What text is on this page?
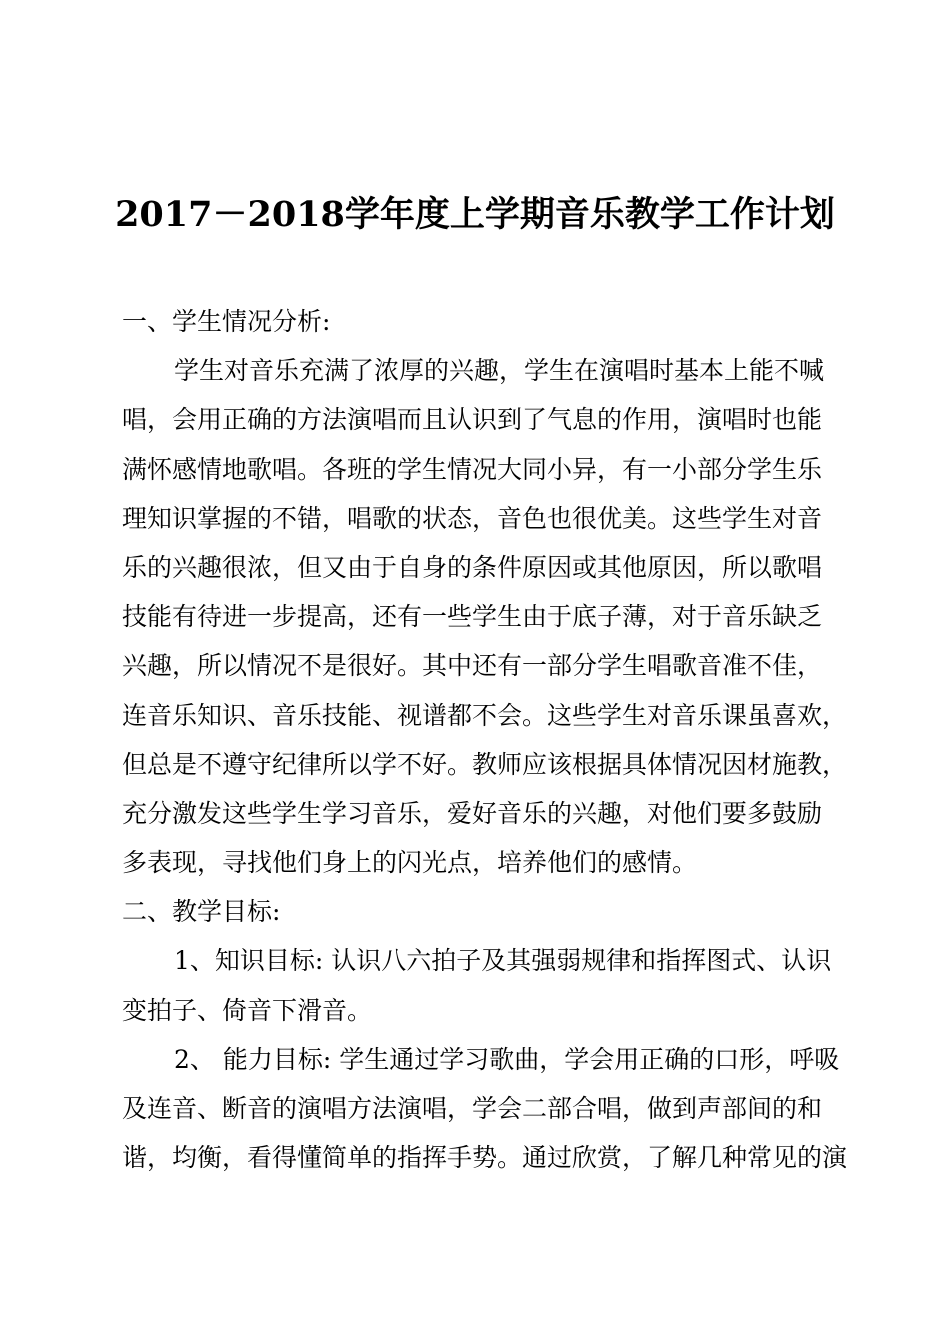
2017－2018学年度上学期音乐教学工作计划
一、学生情况分析:
学生对音乐充满了浓厚的兴趣，学生在演唱时基本上能不喊
唱，会用正确的方法演唱而且认识到了气息的作用，演唱时也能
满怀感情地歌唱。各班的学生情况大同小异，有一小部分学生乐
理知识掌握的不错，唱歌的状态，音色也很优美。这些学生对音
乐的兴趣很浓，但又由于自身的条件原因或其他原因，所以歌唱
技能有待进一步提高，还有一些学生由于底子薄，对于音乐缺乏
兴趣，所以情况不是很好。其中还有一部分学生唱歌音准不佳，
连音乐知识、音乐技能、视谱都不会。这些学生对音乐课虽喜欢，
但总是不遵守纪律所以学不好。教师应该根据具体情况因材施教，
充分激发这些学生学习音乐，爱好音乐的兴趣，对他们要多鼓励
多表现，寻找他们身上的闪光点，培养他们的感情。
二、教学目标:
1、知识目标: 认识八六拍子及其强弱规律和指挥图式、认识
变拍子、倚音下滑音。
2、 能力目标: 学生通过学习歌曲，学会用正确的口形，呼吸
及连音、断音的演唱方法演唱，学会二部合唱，做到声部间的和
谐，均衡，看得懂简单的指挥手势。通过欣赏，了解几种常见的演
